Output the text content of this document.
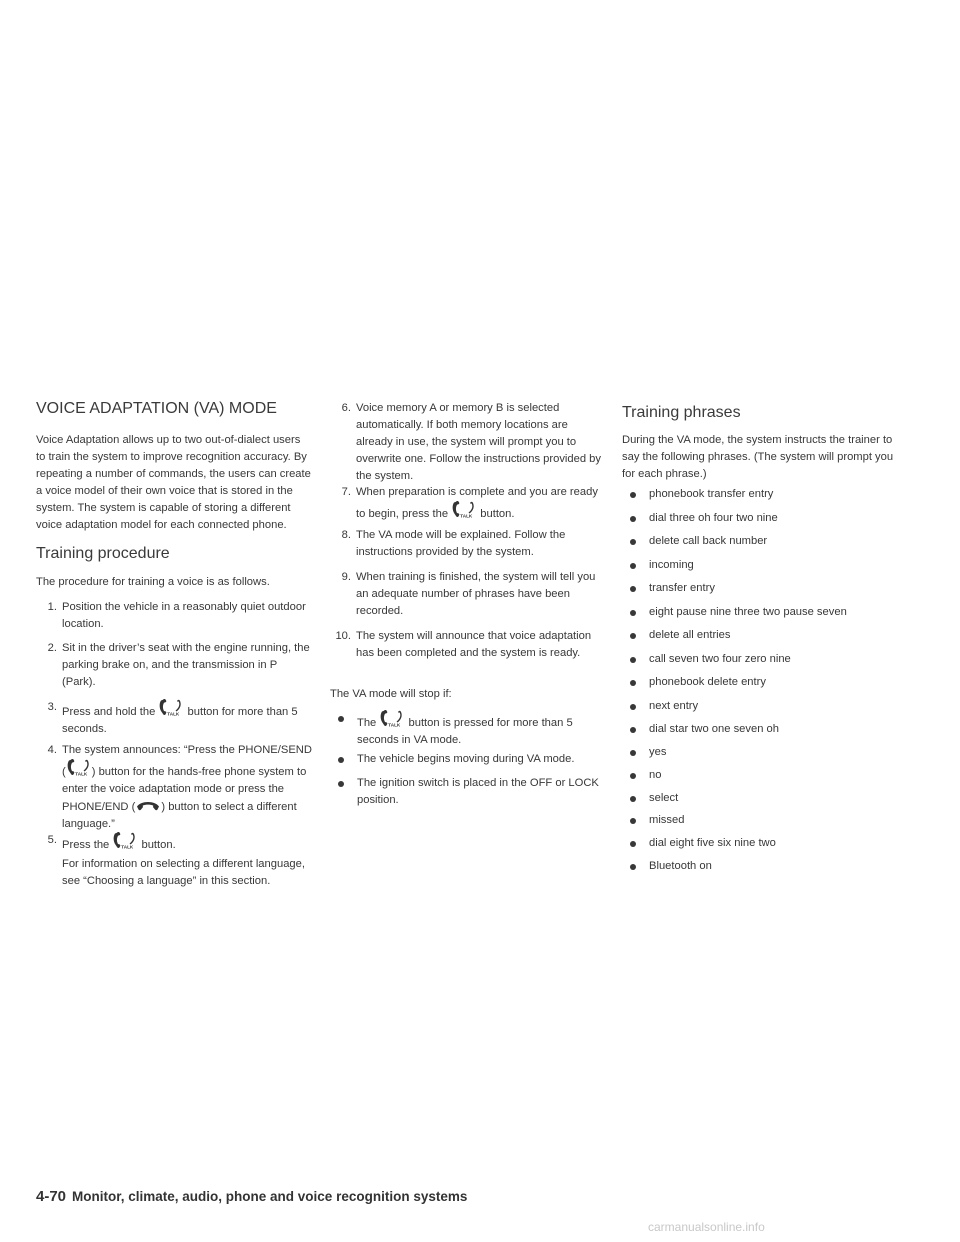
VOICE ADAPTATION (VA) MODE
Voice Adaptation allows up to two out-of-dialect users to train the system to improve recognition accuracy. By repeating a number of commands, the users can create a voice model of their own voice that is stored in the system. The system is capable of storing a different voice adaptation model for each connected phone.
Training procedure
The procedure for training a voice is as follows.
1. Position the vehicle in a reasonably quiet outdoor location.
2. Sit in the driver’s seat with the engine running, the parking brake on, and the transmission in P (Park).
3. Press and hold the	button for more than 5 seconds.
4. The system announces: “Press the PHONE/SEND ( ) button for the hands-free phone system to enter the voice adaptation mode or press the PHONE/END ( ) button to select a different language.”
5. Press the	button.
For information on selecting a different language, see “Choosing a language” in this section.
6. Voice memory A or memory B is selected automatically. If both memory locations are already in use, the system will prompt you to overwrite one. Follow the instructions provided by the system.
7. When preparation is complete and you are ready to begin, press the	button.
8. The VA mode will be explained. Follow the instructions provided by the system.
9. When training is finished, the system will tell you an adequate number of phrases have been recorded.
10. The system will announce that voice adaptation has been completed and the system is ready.
The VA mode will stop if:
The	button is pressed for more than 5 seconds in VA mode.
The vehicle begins moving during VA mode.
The ignition switch is placed in the OFF or LOCK position.
Training phrases
During the VA mode, the system instructs the trainer to say the following phrases. (The system will prompt you for each phrase.)
phonebook transfer entry
dial three oh four two nine
delete call back number
incoming
transfer entry
eight pause nine three two pause seven
delete all entries
call seven two four zero nine
phonebook delete entry
next entry
dial star two one seven oh
yes
no
select
missed
dial eight five six nine two
Bluetooth on
4-70 Monitor, climate, audio, phone and voice recognition systems
carmanualsonline.info
